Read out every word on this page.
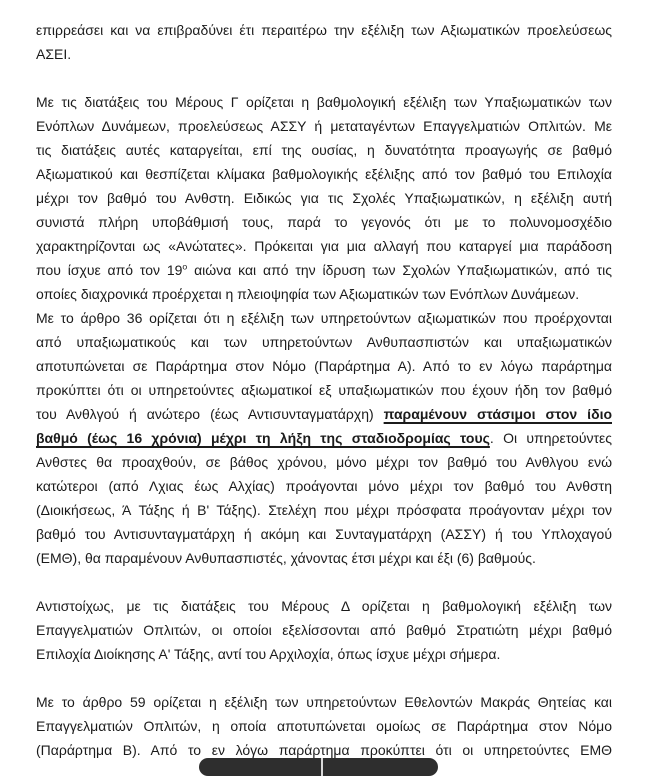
επιρρεάσει και να επιβραδύνει έτι περαιτέρω την εξέλιξη των Αξιωματικών προελεύσεως
ΑΣΕΙ.
Με τις διατάξεις του Μέρους Γ ορίζεται η βαθμολογική εξέλιξη των Υπαξιωματικών των
Ενόπλων Δυνάμεων, προελεύσεως ΑΣΣΥ ή μεταταγέντων Επαγγελματιών Οπλιτών. Με
τις διατάξεις αυτές καταργείται, επί της ουσίας, η δυνατότητα προαγωγής σε βαθμό
Αξιωματικού και θεσπίζεται κλίμακα βαθμολογικής εξέλιξης από τον βαθμό του Επιλοχία
μέχρι τον βαθμό του Ανθστη. Ειδικώς για τις Σχολές Υπαξιωματικών, η εξέλιξη αυτή
συνιστά πλήρη υποβάθμισή τους, παρά το γεγονός ότι με το πολυνομοσχέδιο
χαρακτηρίζονται ως «Ανώτατες». Πρόκειται για μια αλλαγή που καταργεί μια παράδοση
που ίσχυε από τον $19^o$ αιώνα και από την ίδρυση των Σχολών Υπαξιωματικών, από τις
οποίες διαχρονικά προέρχεται η πλειοψηφία των Αξιωματικών των Ενόπλων Δυνάμεων.
Με το άρθρο 36 ορίζεται ότι η εξέλιξη των υπηρετούντων αξιωματικών που προέρχονται
από υπαξιωματικούς και των υπηρετούντων Ανθυπασπιστών και υπαξιωματικών
αποτυπώνεται σε Παράρτημα στον Νόμο (Παράρτημα Α). Από το εν λόγω παράρτημα
προκύπτει ότι οι υπηρετούντες αξιωματικοί εξ υπαξιωματικών που έχουν ήδη τον βαθμό
του Ανθλγού ή ανώτερο (έως Αντισυνταγματάρχη) παραμένουν στάσιμοι στον ίδιο
βαθμό (έως 16 χρόνια) μέχρι τη λήξη της σταδιοδρομίας τους. Οι υπηρετούντες
Ανθστες θα προαχθούν, σε βάθος χρόνου, μόνο μέχρι τον βαθμό του Ανθλγου ενώ
κατώτεροι (από Λχιας έως Αλχίας) προάγονται μόνο μέχρι τον βαθμό του Ανθστη
(Διοικήσεως, Ά Τάξης ή Β' Τάξης). Στελέχη που μέχρι πρόσφατα προάγονταν μέχρι τον
βαθμό του Αντισυνταγματάρχη ή ακόμη και Συνταγματάρχη (ΑΣΣΥ) ή του Υπλοχαγού
(ΕΜΘ), θα παραμένουν Ανθυπασπιστές, χάνοντας έτσι μέχρι και έξι (6) βαθμούς.
Αντιστοίχως, με τις διατάξεις του Μέρους Δ ορίζεται η βαθμολογική εξέλιξη των
Επαγγελματιών Οπλιτών, οι οποίοι εξελίσσονται από βαθμό Στρατιώτη μέχρι βαθμό
Επιλοχία Διοίκησης Α' Τάξης, αντί του Αρχιλοχία, όπως ίσχυε μέχρι σήμερα.
Με το άρθρο 59 ορίζεται η εξέλιξη των υπηρετούντων Εθελοντών Μακράς Θητείας και
Επαγγελματιών Οπλιτών, η οποία αποτυπώνεται ομοίως σε Παράρτημα στον Νόμο
(Παράρτημα Β). Από το εν λόγω παράρτημα προκύπτει ότι οι υπηρετούντες ΕΜΘ
